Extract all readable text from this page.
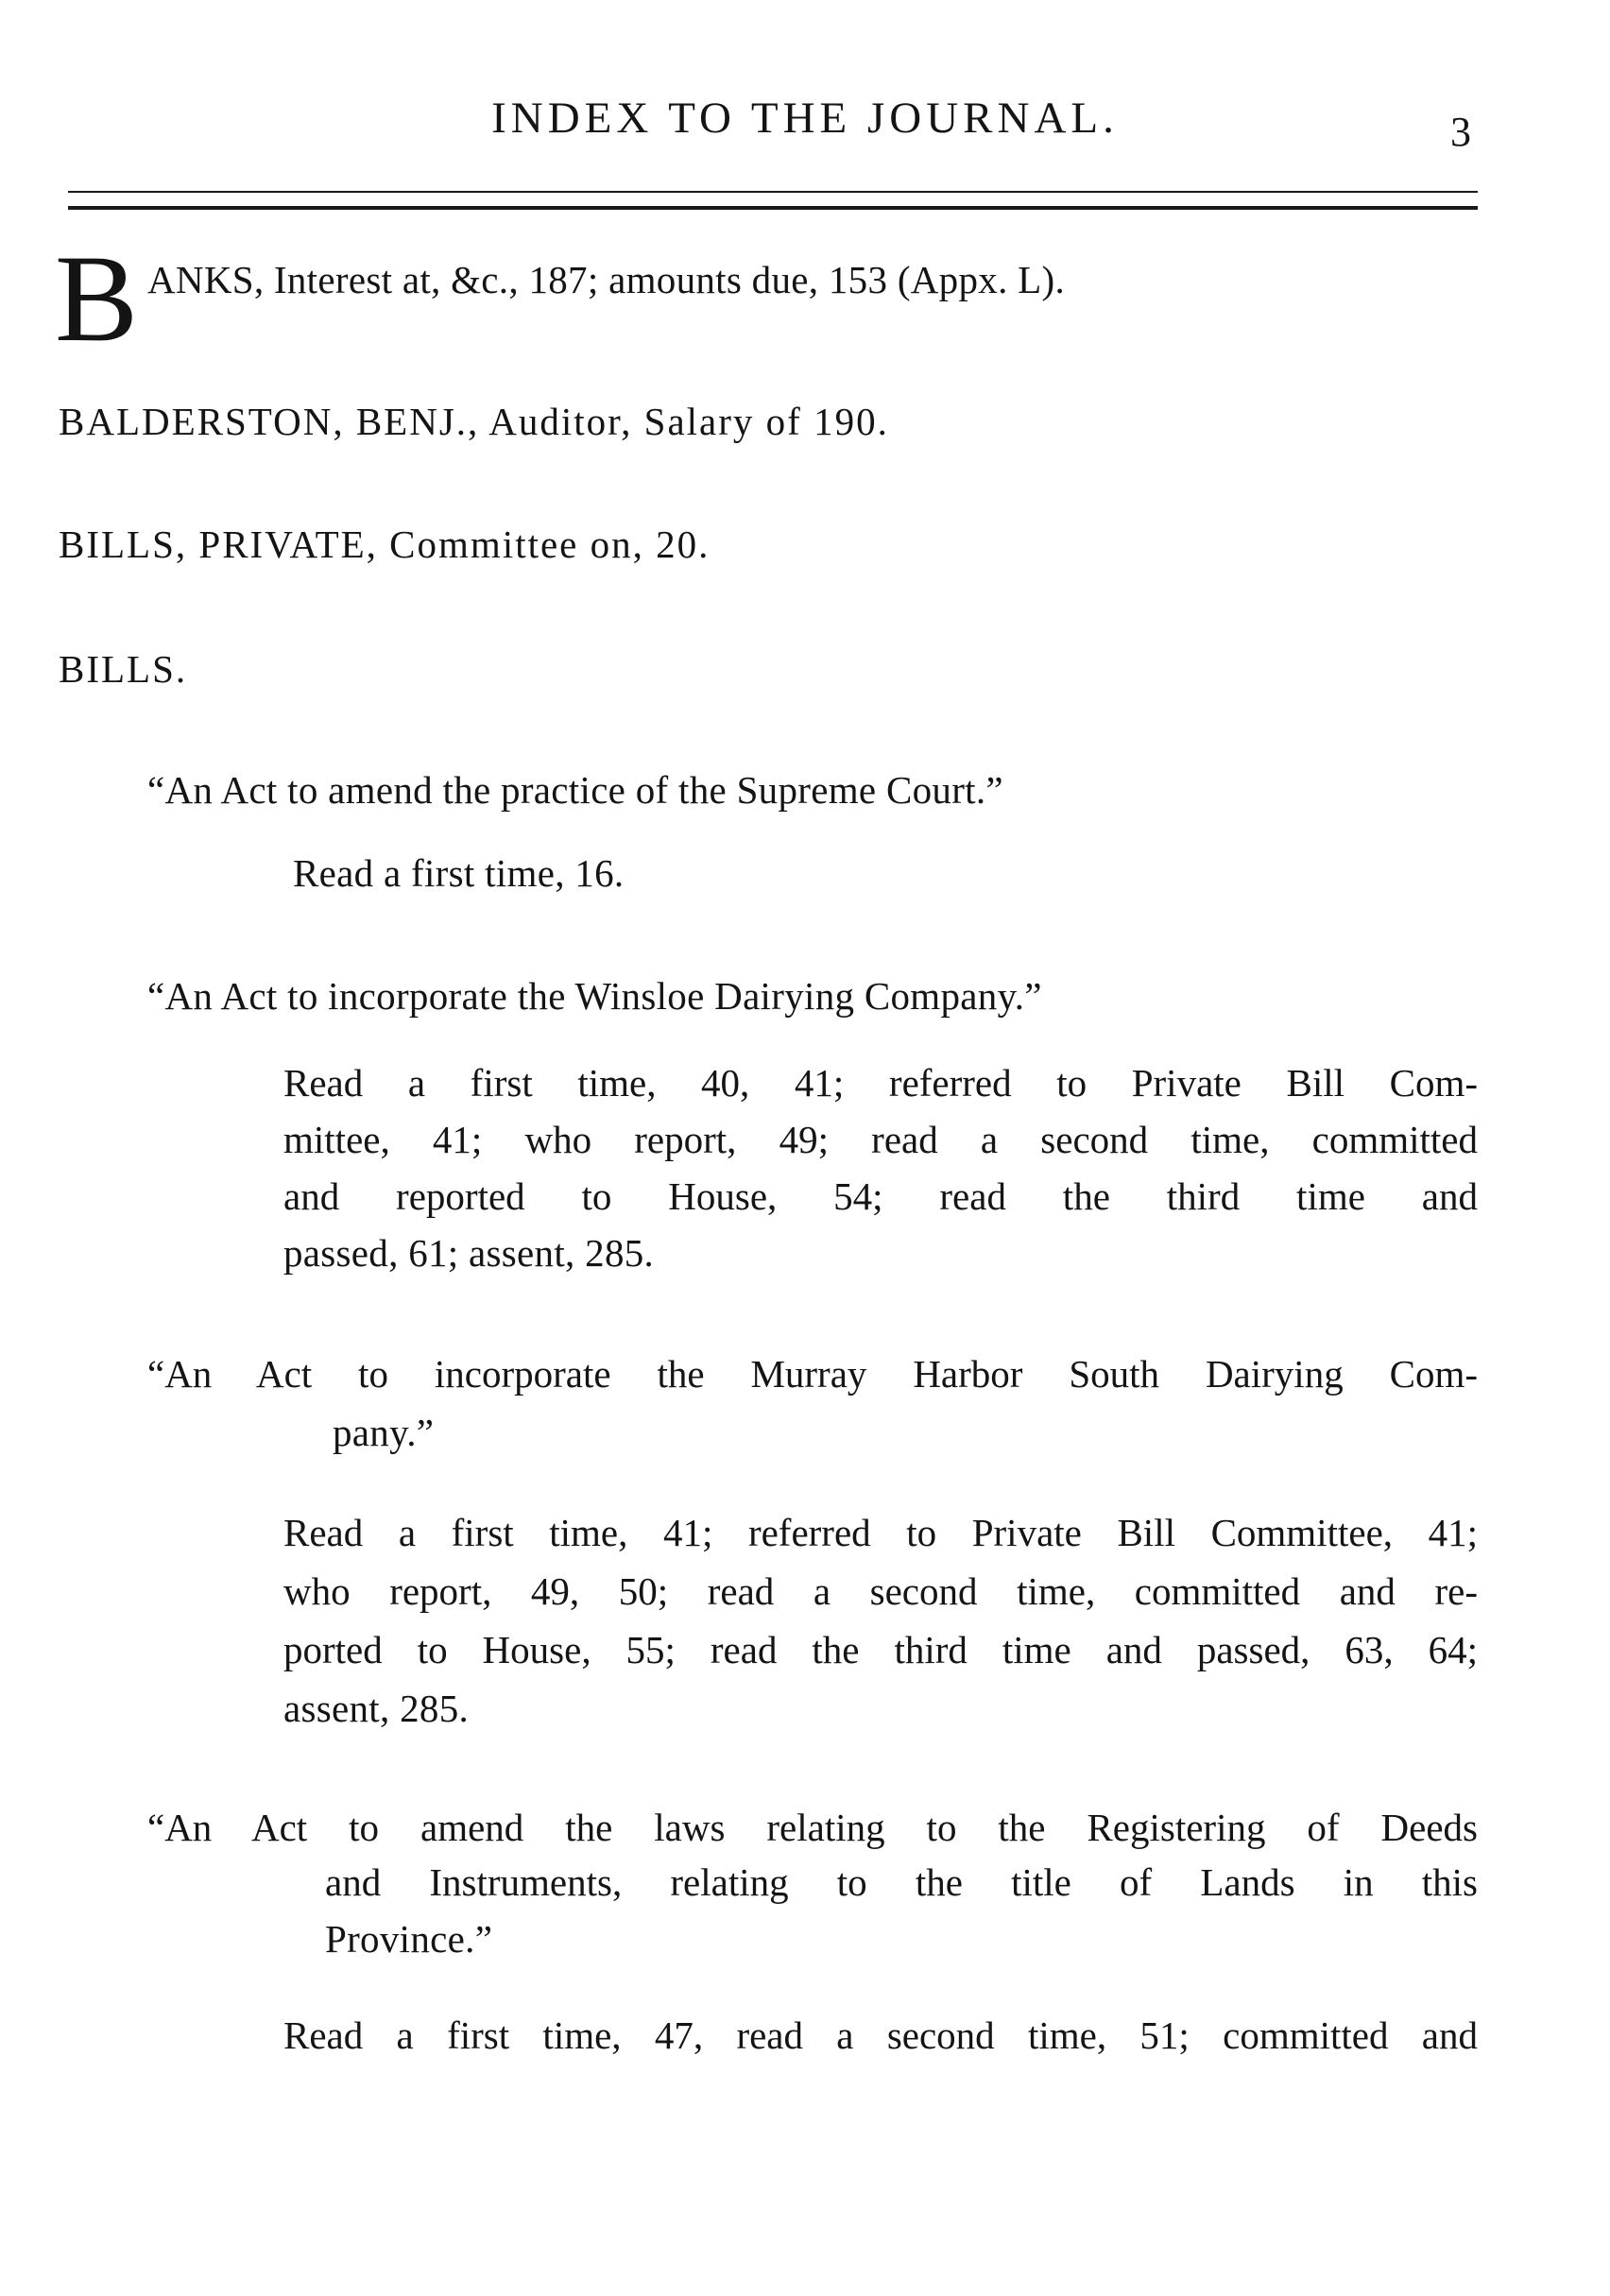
INDEX TO THE JOURNAL.	3
B ANKS, Interest at, &c., 187; amounts due, 153 (Appx. L).
BALDERSTON, BENJ., Auditor, Salary of 190.
BILLS, PRIVATE, Committee on, 20.
BILLS.
“An Act to amend the practice of the Supreme Court.”
Read a first time, 16.
“An Act to incorporate the Winsloe Dairying Company.”
Read a first time, 40, 41; referred to Private Bill Com-
mittee, 41; who report, 49; read a second time, committed
and reported to House, 54; read the third time and
passed, 61; assent, 285.
“An Act to incorporate the Murray Harbor South Dairying Com-
pany.”
Read a first time, 41; referred to Private Bill Committee, 41;
who report, 49, 50; read a second time, committed and re-
ported to House, 55; read the third time and passed, 63, 64;
assent, 285.
“An Act to amend the laws relating to the Registering of Deeds
and Instruments, relating to the title of Lands in this
Province.”
Read a first time, 47, read a second time, 51; committed and
